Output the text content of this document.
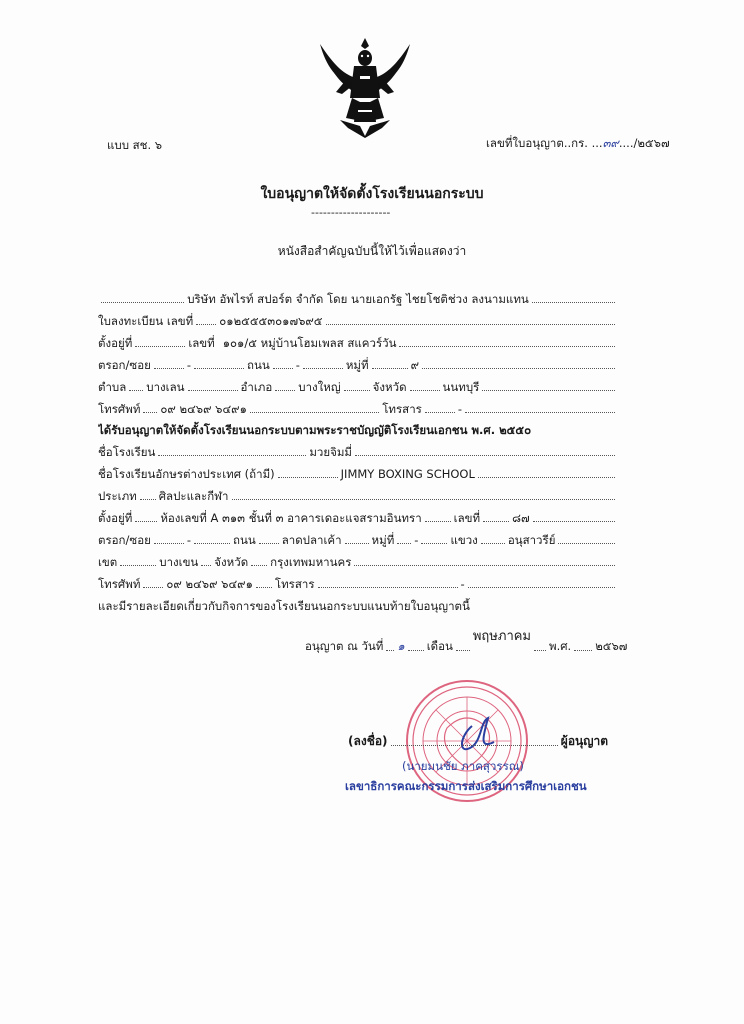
แบบ สช. ๖	เลขที่ใบอนุญาต..กร. ...๓๙..../๒๕๖๗
ใบอนุญาตให้จัดตั้งโรงเรียนนอกระบบ
--------------------
หนังสือสำคัญฉบับนี้ให้ไว้เพื่อแสดงว่า
บริษัท อัพไรท์ สปอร์ต จำกัด โดย นายเอกรัฐ ไชยโชติช่วง ลงนามแทน
ใบลงทะเบียน เลขที่ ๐๑๒๕๕๕๓๐๑๗๖๙๕
ตั้งอยู่ที่	เลขที่ ๑๐๑/๕ หมู่บ้านโฮมเพลส สแควร์วัน
ตรอก/ซอย	-	ถนน -	หมู่ที่	๙
ตำบล บางเลน	อำเภอ บางใหญ่	จังหวัด	นนทบุรี
โทรศัพท์ ๐๙ ๒๔๖๙ ๖๔๙๑	โทรสาร	-
ได้รับอนุญาตให้จัดตั้งโรงเรียนนอกระบบตามพระราชบัญญัติโรงเรียนเอกชน พ.ศ. ๒๕๕๐
ชื่อโรงเรียน	มวยจิมมี่
ชื่อโรงเรียนอักษรต่างประเทศ (ถ้ามี)	JIMMY BOXING SCHOOL
ประเภท ศิลปะและกีฬา
ตั้งอยู่ที่ ห้องเลขที่ A ๓๑๓ ชั้นที่ ๓ อาคารเดอะแจสรามอินทรา	เลขที่	๘๗
ตรอก/ซอย	-	ถนน ลาดปลาเค้า	หมู่ที่ -	แขวง	อนุสาวรีย์
เขต	บางเขน จังหวัด กรุงเทพมหานคร
โทรศัพท์ ๐๙ ๒๔๖๙ ๖๔๙๑ โทรสาร	-
และมีรายละเอียดเกี่ยวกับกิจการของโรงเรียนนอกระบบแนบท้ายใบอนุญาตนี้
อนุญาต ณ วันที่ ๑ เดือน
พฤษภาคม
พ.ศ. ๒๕๖๗
(ลงชื่อ)	ผู้อนุญาต
(นายมนชัย ภาคสุวรรณ)
เลขาธิการคณะกรรมการส่งเสริมการศึกษาเอกชน
